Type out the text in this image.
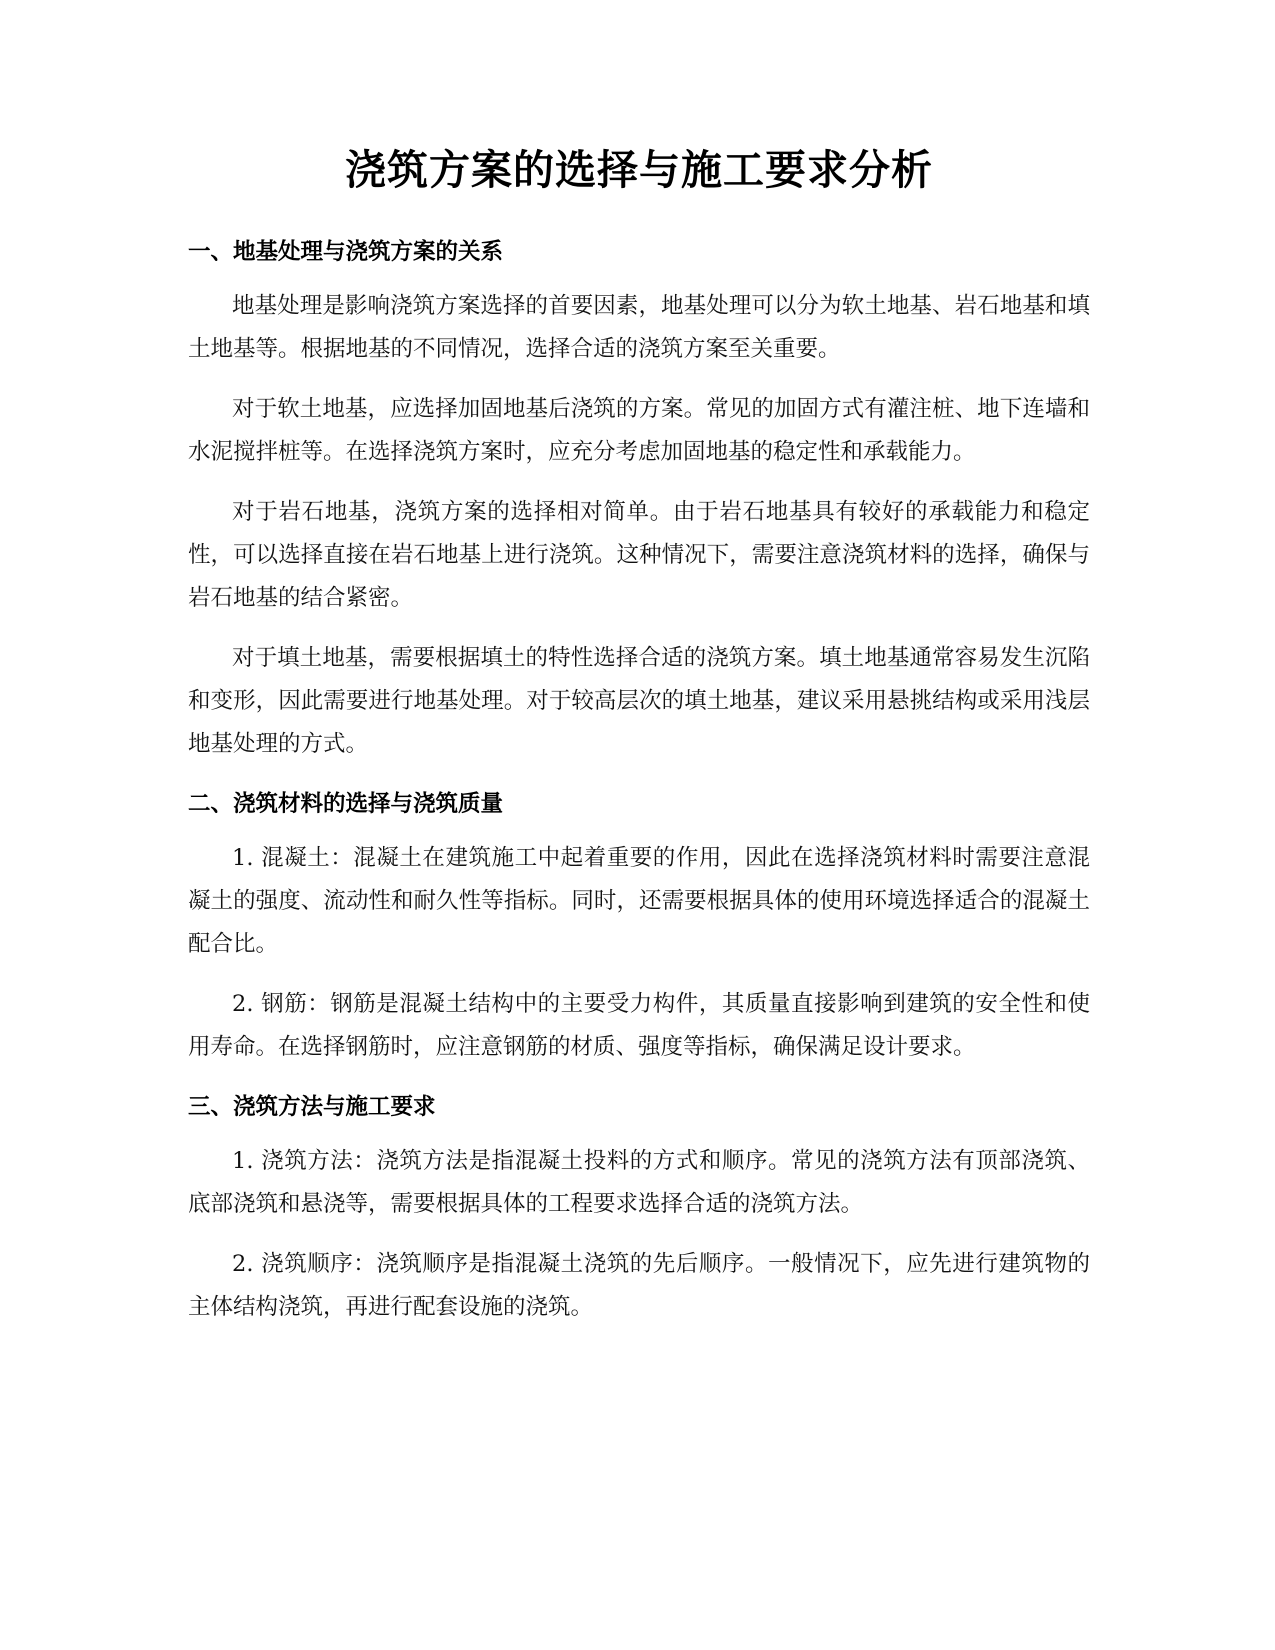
浇筑方案的选择与施工要求分析
一、地基处理与浇筑方案的关系

地基处理是影响浇筑方案选择的首要因素，地基处理可以分为软土地基、岩石地基和填土地基等。根据地基的不同情况，选择合适的浇筑方案至关重要。

对于软土地基，应选择加固地基后浇筑的方案。常见的加固方式有灌注桩、地下连墙和水泥搅拌桩等。在选择浇筑方案时，应充分考虑加固地基的稳定性和承载能力。

对于岩石地基，浇筑方案的选择相对简单。由于岩石地基具有较好的承载能力和稳定性，可以选择直接在岩石地基上进行浇筑。这种情况下，需要注意浇筑材料的选择，确保与岩石地基的结合紧密。

对于填土地基，需要根据填土的特性选择合适的浇筑方案。填土地基通常容易发生沉陷和变形，因此需要进行地基处理。对于较高层次的填土地基，建议采用悬挑结构或采用浅层地基处理的方式。

二、浇筑材料的选择与浇筑质量

1. 混凝土：混凝土在建筑施工中起着重要的作用，因此在选择浇筑材料时需要注意混凝土的强度、流动性和耐久性等指标。同时，还需要根据具体的使用环境选择适合的混凝土配合比。

2. 钢筋：钢筋是混凝土结构中的主要受力构件，其质量直接影响到建筑的安全性和使用寿命。在选择钢筋时，应注意钢筋的材质、强度等指标，确保满足设计要求。

三、浇筑方法与施工要求

1. 浇筑方法：浇筑方法是指混凝土投料的方式和顺序。常见的浇筑方法有顶部浇筑、底部浇筑和悬浇等，需要根据具体的工程要求选择合适的浇筑方法。

2. 浇筑顺序：浇筑顺序是指混凝土浇筑的先后顺序。一般情况下，应先进行建筑物的主体结构浇筑，再进行配套设施的浇筑。
